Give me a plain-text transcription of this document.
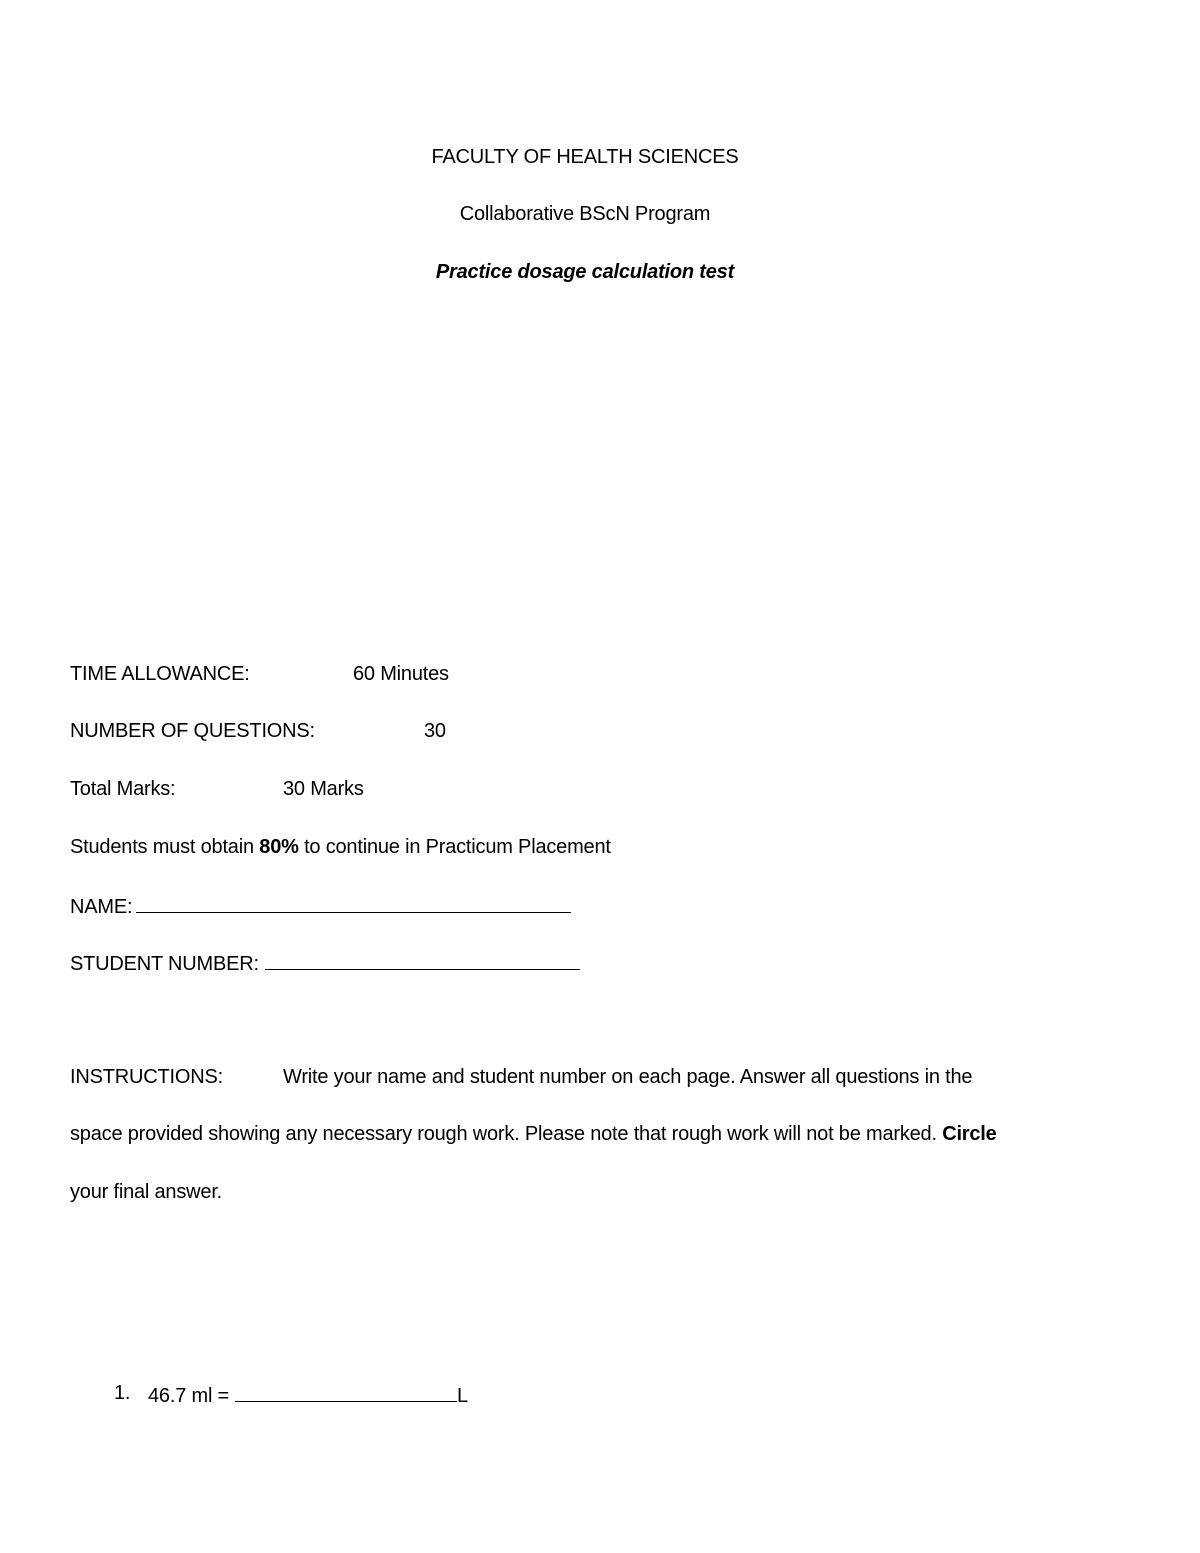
FACULTY OF HEALTH SCIENCES
Collaborative BScN Program
Practice dosage calculation test
TIME ALLOWANCE:	60 Minutes
NUMBER OF QUESTIONS:	30
Total Marks:	30 Marks
Students must obtain 80% to continue in Practicum Placement
NAME:
STUDENT NUMBER:
INSTRUCTIONS:	Write your name and student number on each page. Answer all questions in the
space provided showing any necessary rough work. Please note that rough work will not be marked. Circle
your final answer.
1. 46.7 ml =	L
